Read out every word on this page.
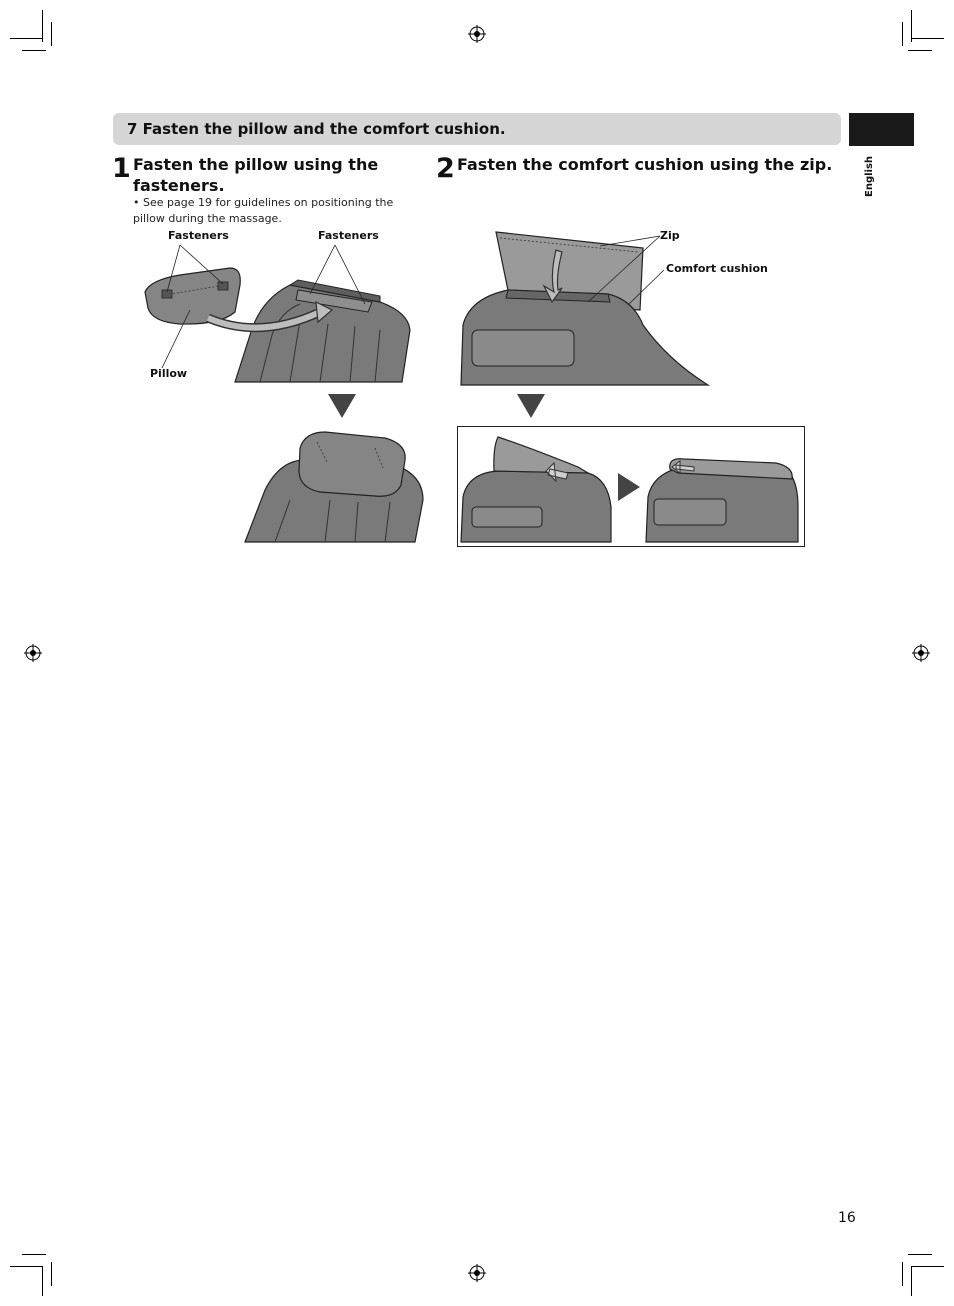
7 Fasten the pillow and the comfort cushion.
English
1 Fasten the pillow using the fasteners.
• See page 19 for guidelines on positioning the pillow during the massage.
Fasteners	Fasteners
Pillow
2 Fasten the comfort cushion using the zip.
Zip
Comfort cushion
16
